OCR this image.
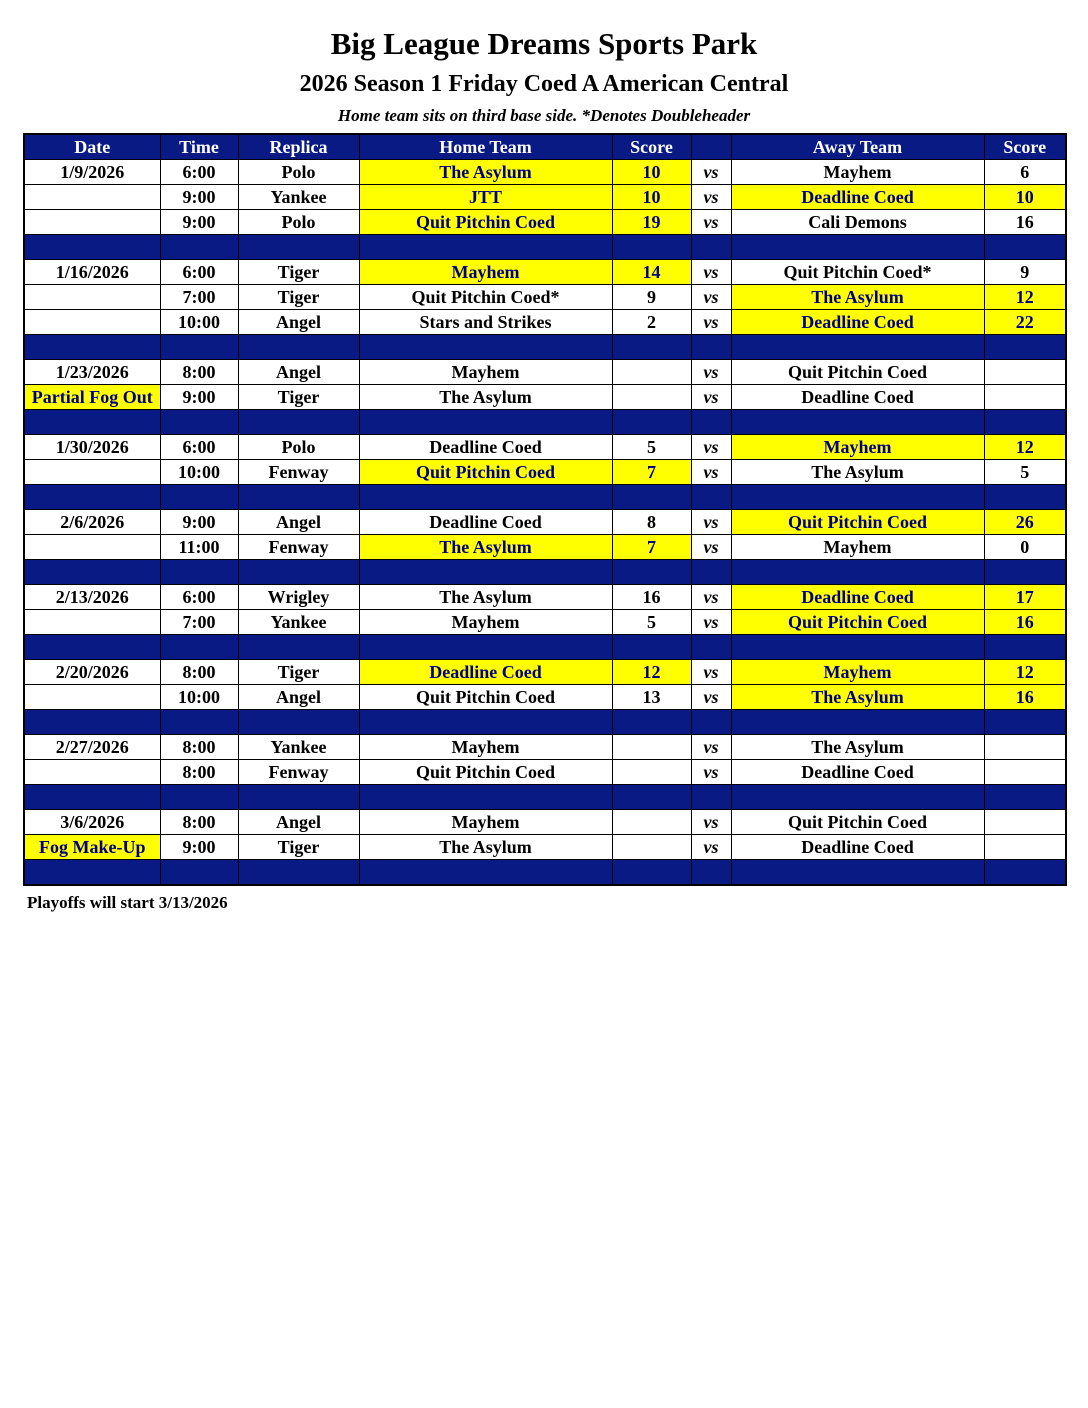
Big League Dreams Sports Park
2026 Season 1 Friday Coed A American Central
Home team sits on third base side. *Denotes Doubleheader
Date	Time	Replica	Home Team	Score		Away Team	Score
1/9/2026	6:00	Polo	The Asylum	10	vs	Mayhem	6
	9:00	Yankee	JTT	10	vs	Deadline Coed	10
	9:00	Polo	Quit Pitchin Coed	19	vs	Cali Demons	16

1/16/2026	6:00	Tiger	Mayhem	14	vs	Quit Pitchin Coed*	9
	7:00	Tiger	Quit Pitchin Coed*	9	vs	The Asylum	12
	10:00	Angel	Stars and Strikes	2	vs	Deadline Coed	22

1/23/2026	8:00	Angel	Mayhem		vs	Quit Pitchin Coed	
Partial Fog Out	9:00	Tiger	The Asylum		vs	Deadline Coed	

1/30/2026	6:00	Polo	Deadline Coed	5	vs	Mayhem	12
	10:00	Fenway	Quit Pitchin Coed	7	vs	The Asylum	5

2/6/2026	9:00	Angel	Deadline Coed	8	vs	Quit Pitchin Coed	26
	11:00	Fenway	The Asylum	7	vs	Mayhem	0

2/13/2026	6:00	Wrigley	The Asylum	16	vs	Deadline Coed	17
	7:00	Yankee	Mayhem	5	vs	Quit Pitchin Coed	16

2/20/2026	8:00	Tiger	Deadline Coed	12	vs	Mayhem	12
	10:00	Angel	Quit Pitchin Coed	13	vs	The Asylum	16

2/27/2026	8:00	Yankee	Mayhem		vs	The Asylum	
	8:00	Fenway	Quit Pitchin Coed		vs	Deadline Coed	

3/6/2026	8:00	Angel	Mayhem		vs	Quit Pitchin Coed	
Fog Make-Up	9:00	Tiger	The Asylum		vs	Deadline Coed	

Playoffs will start 3/13/2026
